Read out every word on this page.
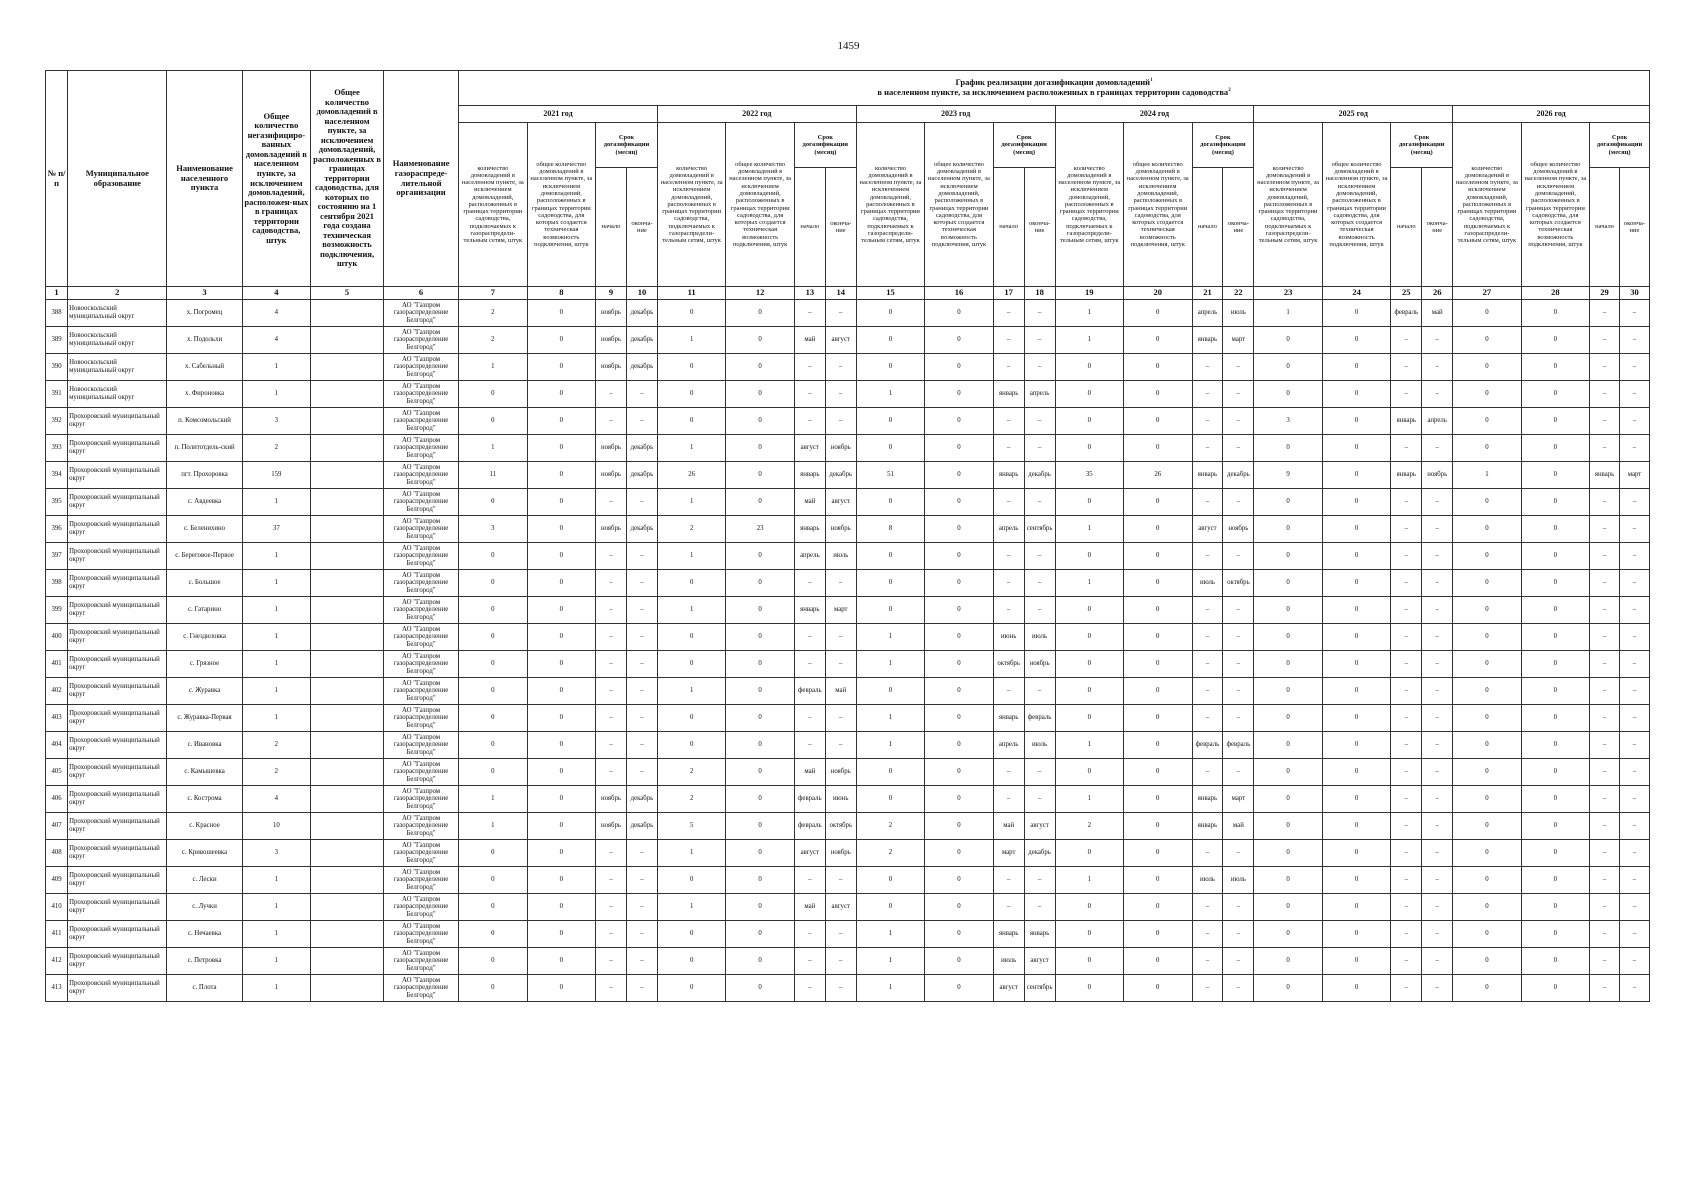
1459
№ п/п	Муниципальное образование	Наименование населенного пункта	Общее количество негазифициро-ванных домовладений в населенном пункте, за исключением домовладений, расположен-ных в границах территории садоводства, штук	Общее количество домовладений в населенном пункте, за исключением домовладений, расположенных в границах территории садоводства, для которых по состоянию на 1 сентября 2021 года создана техническая возможность подключения, штук	Наименование газораспреде-лительной организации	График реализации догазификации домовладений$^1$
в населенном пункте, за исключением расположенных в границах территории садоводства$^2$
						2021 год				2022 год				2023 год				2024 год				2025 год				2026 год			
						количество домовладений в населенном пункте, за исключением домовладений, расположенных в границах территории садоводства, подключаемых к газораспредели-тельным сетям, штук	общее количество домовладений в населенном пункте, за исключением домовладений, расположенных в границах территории садоводства, для которых создается техническая возможность подключения, штук	Срок догазификации (месяц)		количество домовладений в населенном пункте, за исключением домовладений, расположенных в границах территории садоводства, подключаемых к газораспредели-тельным сетям, штук	общее количество домовладений в населенном пункте, за исключением домовладений, расположенных в границах территории садоводства, для которых создается техническая возможность подключения, штук	Срок догазификации (месяц)		количество домовладений в населенном пункте, за исключением домовладений, расположенных в границах территории садоводства, подключаемых к газораспредели-тельным сетям, штук	общее количество домовладений в населенном пункте, за исключением домовладений, расположенных в границах территории садоводства, для которых создается техническая возможность подключения, штук	Срок догазификации (месяц)		количество домовладений в населенном пункте, за исключением домовладений, расположенных в границах территории садоводства, подключаемых к газораспредели-тельным сетям, штук	общее количество домовладений в населенном пункте, за исключением домовладений, расположенных в границах территории садоводства, для которых создается техническая возможность подключения, штук	Срок догазификации (месяц)		количество домовладений в населенном пункте, за исключением домовладений, расположенных в границах территории садоводства, подключаемых к газораспредели-тельным сетям, штук	общее количество домовладений в населенном пункте, за исключением домовладений, расположенных в границах территории садоводства, для которых создается техническая возможность подключения, штук	Срок догазификации (месяц)		количество домовладений в населенном пункте, за исключением домовладений, расположенных в границах территории садоводства, подключаемых к газораспредели-тельным сетям, штук	общее количество домовладений в населенном пункте, за исключением домовладений, расположенных в границах территории садоводства, для которых создается техническая возможность подключения, штук	Срок догазификации (месяц)	
								начало	оконча-ние			начало	оконча-ние			начало	оконча-ние			начало	оконча-ние			начало	оконча-ние			начало	оконча-ние
1	2	3	4	5	6	7	8	9	10	11	12	13	14	15	16	17	18	19	20	21	22	23	24	25	26	27	28	29	30
388	Новооскольский муниципальный округ	х. Погромец	4		АО "Газпром газораспределение Белгород"	2	0	ноябрь	декабрь	0	0	–	–	0	0	–	–	1	0	апрель	июль	1	0	февраль	май	0	0	–	–
389	Новооскольский муниципальный округ	х. Подольхи	4		АО "Газпром газораспределение Белгород"	2	0	ноябрь	декабрь	1	0	май	август	0	0	–	–	1	0	январь	март	0	0	–	–	0	0	–	–
390	Новооскольский муниципальный округ	х. Сабельный	1		АО "Газпром газораспределение Белгород"	1	0	ноябрь	декабрь	0	0	–	–	0	0	–	–	0	0	–	–	0	0	–	–	0	0	–	–
391	Новооскольский муниципальный округ	х. Фироновка	1		АО "Газпром газораспределение Белгород"	0	0	–	–	0	0	–	–	1	0	январь	апрель	0	0	–	–	0	0	–	–	0	0	–	–
392	Прохоровский муниципальный округ	п. Комсомольский	3		АО "Газпром газораспределение Белгород"	0	0	–	–	0	0	–	–	0	0	–	–	0	0	–	–	3	0	январь	апрель	0	0	–	–
393	Прохоровский муниципальный округ	п. Политотдель-ский	2		АО "Газпром газораспределение Белгород"	1	0	ноябрь	декабрь	1	0	август	ноябрь	0	0	–	–	0	0	–	–	0	0	–	–	0	0	–	–
394	Прохоровский муниципальный округ	пгт. Прохоровка	159		АО "Газпром газораспределение Белгород"	11	0	ноябрь	декабрь	26	0	январь	декабрь	51	0	январь	декабрь	35	26	январь	декабрь	9	0	январь	ноябрь	1	0	январь	март
395	Прохоровский муниципальный округ	с. Авдеевка	1		АО "Газпром газораспределение Белгород"	0	0	–	–	1	0	май	август	0	0	–	–	0	0	–	–	0	0	–	–	0	0	–	–
396	Прохоровский муниципальный округ	с. Беленихино	37		АО "Газпром газораспределение Белгород"	3	0	ноябрь	декабрь	2	23	январь	ноябрь	8	0	апрель	сентябрь	1	0	август	ноябрь	0	0	–	–	0	0	–	–
397	Прохоровский муниципальный округ	с. Береговое-Первое	1		АО "Газпром газораспределение Белгород"	0	0	–	–	1	0	апрель	июль	0	0	–	–	0	0	–	–	0	0	–	–	0	0	–	–
398	Прохоровский муниципальный округ	с. Большое	1		АО "Газпром газораспределение Белгород"	0	0	–	–	0	0	–	–	0	0	–	–	1	0	июль	октябрь	0	0	–	–	0	0	–	–
399	Прохоровский муниципальный округ	с. Гатарино	1		АО "Газпром газораспределение Белгород"	0	0	–	–	1	0	январь	март	0	0	–	–	0	0	–	–	0	0	–	–	0	0	–	–
400	Прохоровский муниципальный округ	с. Гнездиловка	1		АО "Газпром газораспределение Белгород"	0	0	–	–	0	0	–	–	1	0	июнь	июль	0	0	–	–	0	0	–	–	0	0	–	–
401	Прохоровский муниципальный округ	с. Грязное	1		АО "Газпром газораспределение Белгород"	0	0	–	–	0	0	–	–	1	0	октябрь	ноябрь	0	0	–	–	0	0	–	–	0	0	–	–
402	Прохоровский муниципальный округ	с. Журавка	1		АО "Газпром газораспределение Белгород"	0	0	–	–	1	0	февраль	май	0	0	–	–	0	0	–	–	0	0	–	–	0	0	–	–
403	Прохоровский муниципальный округ	с. Журавка-Первая	1		АО "Газпром газораспределение Белгород"	0	0	–	–	0	0	–	–	1	0	январь	февраль	0	0	–	–	0	0	–	–	0	0	–	–
404	Прохоровский муниципальный округ	с. Ивановка	2		АО "Газпром газораспределение Белгород"	0	0	–	–	0	0	–	–	1	0	апрель	июль	1	0	февраль	февраль	0	0	–	–	0	0	–	–
405	Прохоровский муниципальный округ	с. Камышевка	2		АО "Газпром газораспределение Белгород"	0	0	–	–	2	0	май	ноябрь	0	0	–	–	0	0	–	–	0	0	–	–	0	0	–	–
406	Прохоровский муниципальный округ	с. Кострома	4		АО "Газпром газораспределение Белгород"	1	0	ноябрь	декабрь	2	0	февраль	июнь	0	0	–	–	1	0	январь	март	0	0	–	–	0	0	–	–
407	Прохоровский муниципальный округ	с. Красное	10		АО "Газпром газораспределение Белгород"	1	0	ноябрь	декабрь	5	0	февраль	октябрь	2	0	май	август	2	0	январь	май	0	0	–	–	0	0	–	–
408	Прохоровский муниципальный округ	с. Кривошеевка	3		АО "Газпром газораспределение Белгород"	0	0	–	–	1	0	август	ноябрь	2	0	март	декабрь	0	0	–	–	0	0	–	–	0	0	–	–
409	Прохоровский муниципальный округ	с. Лески	1		АО "Газпром газораспределение Белгород"	0	0	–	–	0	0	–	–	0	0	–	–	1	0	июль	июль	0	0	–	–	0	0	–	–
410	Прохоровский муниципальный округ	с. Лучки	1		АО "Газпром газораспределение Белгород"	0	0	–	–	1	0	май	август	0	0	–	–	0	0	–	–	0	0	–	–	0	0	–	–
411	Прохоровский муниципальный округ	с. Нечаевка	1		АО "Газпром газораспределение Белгород"	0	0	–	–	0	0	–	–	1	0	январь	январь	0	0	–	–	0	0	–	–	0	0	–	–
412	Прохоровский муниципальный округ	с. Петровка	1		АО "Газпром газораспределение Белгород"	0	0	–	–	0	0	–	–	1	0	июль	август	0	0	–	–	0	0	–	–	0	0	–	–
413	Прохоровский муниципальный округ	с. Плота	1		АО "Газпром газораспределение Белгород"	0	0	–	–	0	0	–	–	1	0	август	сентябрь	0	0	–	–	0	0	–	–	0	0	–	–
